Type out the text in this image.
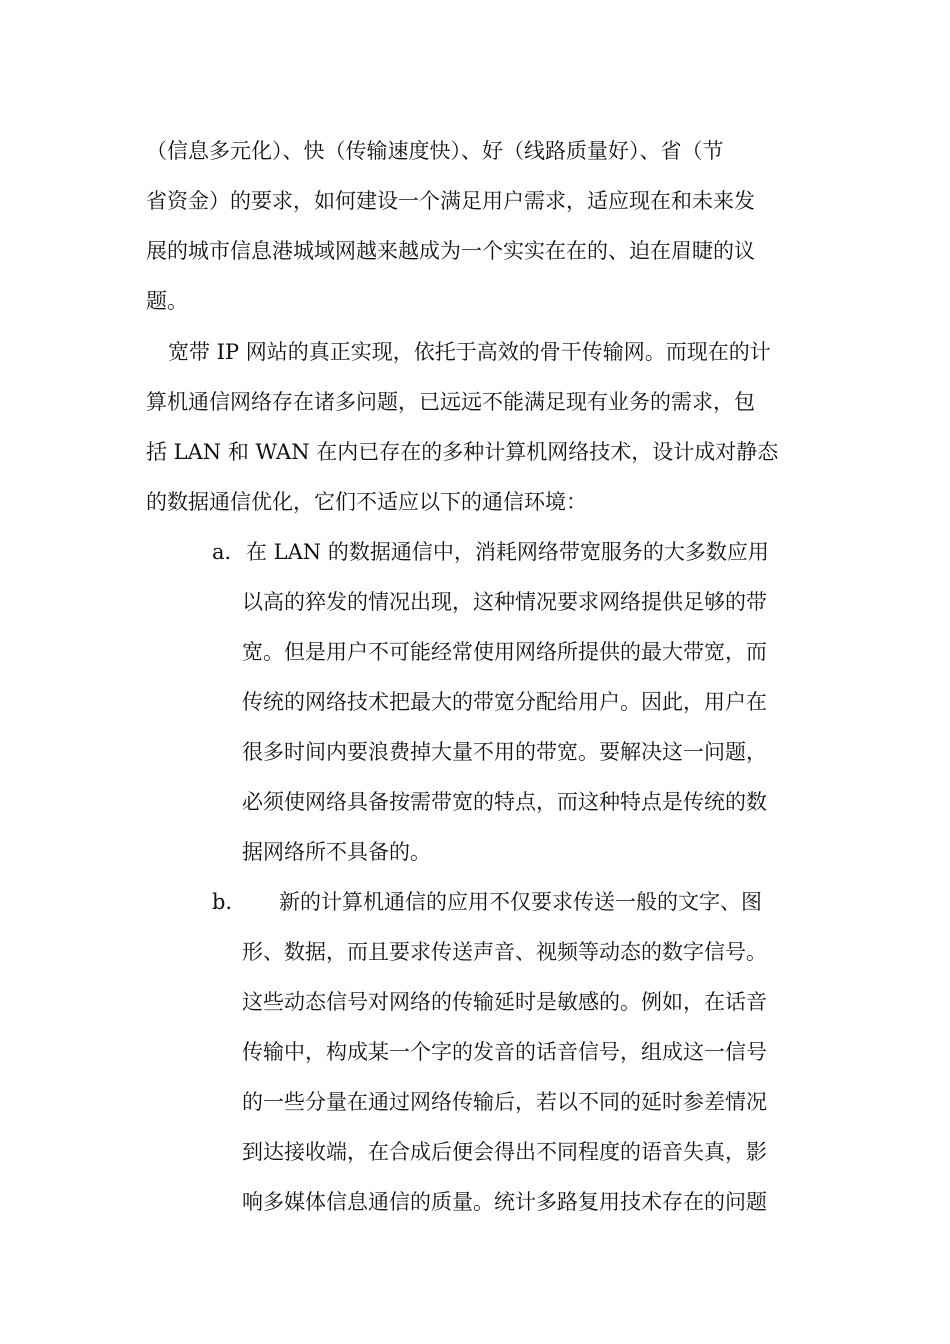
（信息多元化）、快（传输速度快）、好（线路质量好）、省（节
省资金）的要求，如何建设一个满足用户需求，适应现在和未来发
展的城市信息港城域网越来越成为一个实实在在的、迫在眉睫的议
题。
宽带 IP 网站的真正实现，依托于高效的骨干传输网。而现在的计
算机通信网络存在诸多问题，已远远不能满足现有业务的需求，包
括 LAN 和 WAN 在内已存在的多种计算机网络技术，设计成对静态
的数据通信优化，它们不适应以下的通信环境：
a． 在 LAN 的数据通信中，消耗网络带宽服务的大多数应用
以高的猝发的情况出现，这种情况要求网络提供足够的带
宽。但是用户不可能经常使用网络所提供的最大带宽，而
传统的网络技术把最大的带宽分配给用户。因此，用户在
很多时间内要浪费掉大量不用的带宽。要解决这一问题，
必须使网络具备按需带宽的特点，而这种特点是传统的数
据网络所不具备的。
b． 新的计算机通信的应用不仅要求传送一般的文字、图
形、数据，而且要求传送声音、视频等动态的数字信号。
这些动态信号对网络的传输延时是敏感的。例如，在话音
传输中，构成某一个字的发音的话音信号，组成这一信号
的一些分量在通过网络传输后，若以不同的延时参差情况
到达接收端，在合成后便会得出不同程度的语音失真，影
响多媒体信息通信的质量。统计多路复用技术存在的问题
